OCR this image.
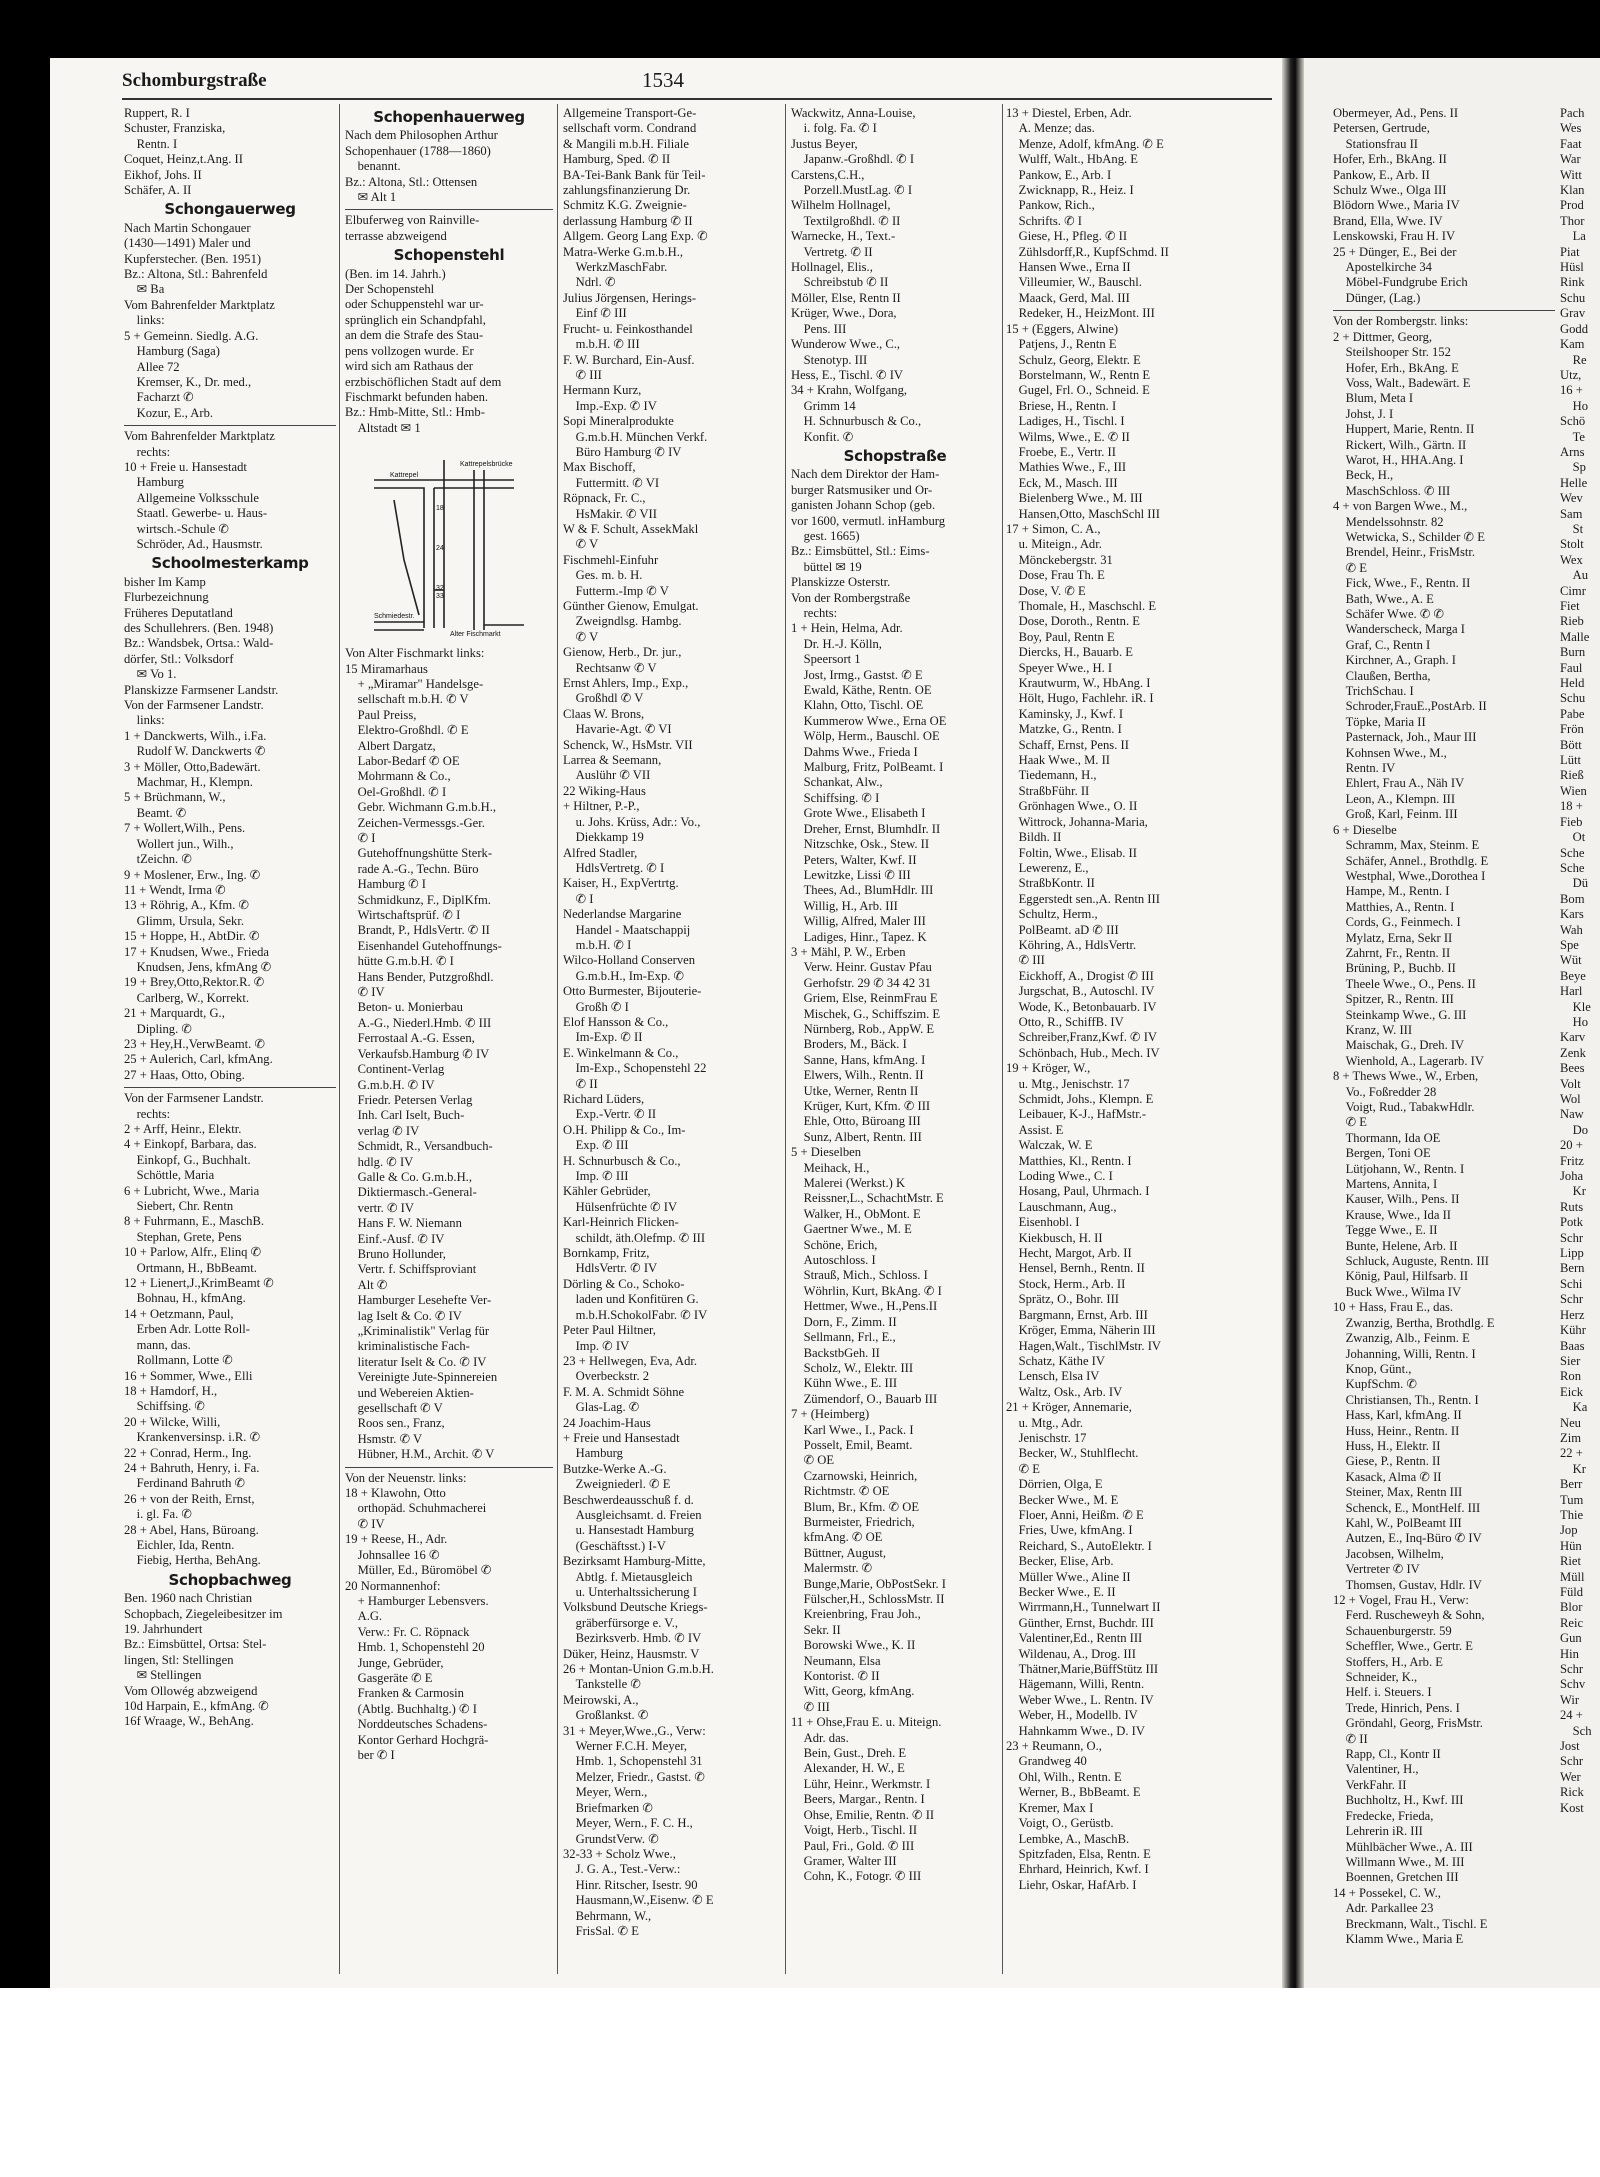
Schomburgstraße	1534
Ruppert, R. I
Schuster, Franziska,
 Rentn. I
Coquet, Heinz,t.Ang. II
Eikhof, Johs. II
Schäfer, A. II
Schongauerweg
Nach Martin Schongauer
(1430—1491) Maler und
Kupferstecher. (Ben. 1951)
Bz.: Altona, Stl.: Bahrenfeld
 ✉ Ba
Vom Bahrenfelder Marktplatz
 links:
5 + Gemeinn. Siedlg. A.G.
 Hamburg (Saga)
 Allee 72
 Kremser, K., Dr. med.,
 Facharzt ✆
 Kozur, E., Arb.
Vom Bahrenfelder Marktplatz
 rechts:
10 + Freie u. Hansestadt
 Hamburg
 Allgemeine Volksschule
 Staatl. Gewerbe- u. Haus-
 wirtsch.-Schule ✆
 Schröder, Ad., Hausmstr.
Schoolmesterkamp
bisher Im Kamp
Flurbezeichnung
Früheres Deputatland
des Schullehrers. (Ben. 1948)
Bz.: Wandsbek, Ortsa.: Wald-
dörfer, Stl.: Volksdorf
 ✉ Vo 1.
Planskizze Farmsener Landstr.
Von der Farmsener Landstr.
 links:
1 + Danckwerts, Wilh., i.Fa.
 Rudolf W. Danckwerts ✆
3 + Möller, Otto,Badewärt.
 Machmar, H., Klempn.
5 + Brüchmann, W.,
 Beamt. ✆
7 + Wollert,Wilh., Pens.
 Wollert jun., Wilh.,
 tZeichn. ✆
9 + Moslener, Erw., Ing. ✆
11 + Wendt, Irma ✆
13 + Röhrig, A., Kfm. ✆
 Glimm, Ursula, Sekr.
15 + Hoppe, H., AbtDir. ✆
17 + Knudsen, Wwe., Frieda
 Knudsen, Jens, kfmAng ✆
19 + Brey,Otto,Rektor.R. ✆
 Carlberg, W., Korrekt.
21 + Marquardt, G.,
 Dipling. ✆
23 + Hey,H.,VerwBeamt. ✆
25 + Aulerich, Carl, kfmAng.
27 + Haas, Otto, Obing.
Von der Farmsener Landstr.
 rechts:
2 + Arff, Heinr., Elektr.
4 + Einkopf, Barbara, das.
 Einkopf, G., Buchhalt.
 Schöttle, Maria
6 + Lubricht, Wwe., Maria
 Siebert, Chr. Rentn
8 + Fuhrmann, E., MaschB.
 Stephan, Grete, Pens
10 + Parlow, Alfr., Elinq ✆
 Ortmann, H., BbBeamt.
12 + Lienert,J.,KrimBeamt ✆
 Bohnau, H., kfmAng.
14 + Oetzmann, Paul,
 Erben Adr. Lotte Roll-
 mann, das.
 Rollmann, Lotte ✆
16 + Sommer, Wwe., Elli
18 + Hamdorf, H.,
 Schiffsing. ✆
20 + Wilcke, Willi,
 Krankenversinsp. i.R. ✆
22 + Conrad, Herm., Ing.
24 + Bahruth, Henry, i. Fa.
 Ferdinand Bahruth ✆
26 + von der Reith, Ernst,
 i. gl. Fa. ✆
28 + Abel, Hans, Büroang.
 Eichler, Ida, Rentn.
 Fiebig, Hertha, BehAng.
Schopbachweg
Ben. 1960 nach Christian
Schopbach, Ziegeleibesitzer im
19. Jahrhundert
Bz.: Eimsbüttel, Ortsa: Stel-
lingen, Stl: Stellingen
 ✉ Stellingen
Vom Ollowég abzweigend
10d Harpain, E., kfmAng. ✆
16f Wraage, W., BehAng.
Schopenhauerweg
Nach dem Philosophen Arthur
Schopenhauer (1788—1860)
 benannt.
Bz.: Altona, Stl.: Ottensen
 ✉ Alt 1
Elbuferweg von Rainville-
terrasse abzweigend
Schopenstehl
(Ben. im 14. Jahrh.)
Der Schopenstehl
oder Schuppenstehl war ur-
sprünglich ein Schandpfahl,
an dem die Strafe des Stau-
pens vollzogen wurde. Er
wird sich am Rathaus der
erzbischöflichen Stadt auf dem
Fischmarkt befunden haben.
Bz.: Hmb-Mitte, Stl.: Hmb-
 Altstadt ✉ 1
Kattrepel
Kattrepelsbrücke
18
24
32
33
Alter Fischmarkt
Schmiedestr.
Von Alter Fischmarkt links:
15 Miramarhaus
 + „Miramar" Handelsge-
 sellschaft m.b.H. ✆ V
 Paul Preiss,
 Elektro-Großhdl. ✆ E
 Albert Dargatz,
 Labor-Bedarf ✆ OE
 Mohrmann & Co.,
 Oel-Großhdl. ✆ I
 Gebr. Wichmann G.m.b.H.,
 Zeichen-Vermessgs.-Ger.
 ✆ I
 Gutehoffnungshütte Sterk-
 rade A.-G., Techn. Büro
 Hamburg ✆ I
 Schmidkunz, F., DiplKfm.
 Wirtschaftsprüf. ✆ I
 Brandt, P., HdlsVertr. ✆ II
 Eisenhandel Gutehoffnungs-
 hütte G.m.b.H. ✆ I
 Hans Bender, Putzgroßhdl.
 ✆ IV
 Beton- u. Monierbau
 A.-G., Niederl.Hmb. ✆ III
 Ferrostaal A.-G. Essen,
 Verkaufsb.Hamburg ✆ IV
 Continent-Verlag
 G.m.b.H. ✆ IV
 Friedr. Petersen Verlag
 Inh. Carl Iselt, Buch-
 verlag ✆ IV
 Schmidt, R., Versandbuch-
 hdlg. ✆ IV
 Galle & Co. G.m.b.H.,
 Diktiermasch.-General-
 vertr. ✆ IV
 Hans F. W. Niemann
 Einf.-Ausf. ✆ IV
 Bruno Hollunder,
 Vertr. f. Schiffsproviant
 Alt ✆
 Hamburger Lesehefte Ver-
 lag Iselt & Co. ✆ IV
 „Kriminalistik" Verlag für
 kriminalistische Fach-
 literatur Iselt & Co. ✆ IV
 Vereinigte Jute-Spinnereien
 und Webereien Aktien-
 gesellschaft ✆ V
 Roos sen., Franz,
 Hsmstr. ✆ V
 Hübner, H.M., Archit. ✆ V
Von der Neuenstr. links:
18 + Klawohn, Otto
 orthopäd. Schuhmacherei
 ✆ IV
19 + Reese, H., Adr.
 Johnsallee 16 ✆
 Müller, Ed., Büromöbel ✆
20 Normannenhof:
 + Hamburger Lebensvers.
 A.G.
 Verw.: Fr. C. Röpnack
 Hmb. 1, Schopenstehl 20
 Junge, Gebrüder,
 Gasgeräte ✆ E
 Franken & Carmosin
 (Abtlg. Buchhaltg.) ✆ I
 Norddeutsches Schadens-
 Kontor Gerhard Hochgrä-
 ber ✆ I
Allgemeine Transport-Ge-
sellschaft vorm. Condrand
& Mangili m.b.H. Filiale
Hamburg, Sped. ✆ II
BA-Tei-Bank Bank für Teil-
zahlungsfinanzierung Dr.
Schmitz K.G. Zweignie-
derlassung Hamburg ✆ II
Allgem. Georg Lang Exp. ✆
Matra-Werke G.m.b.H.,
 WerkzMaschFabr.
 Ndrl. ✆
Julius Jörgensen, Herings-
 Einf ✆ III
Frucht- u. Feinkosthandel
 m.b.H. ✆ III
F. W. Burchard, Ein-Ausf.
 ✆ III
Hermann Kurz,
 Imp.-Exp. ✆ IV
Sopi Mineralprodukte
 G.m.b.H. München Verkf.
 Büro Hamburg ✆ IV
Max Bischoff,
 Futtermitt. ✆ VI
Röpnack, Fr. C.,
 HsMakir. ✆ VII
W & F. Schult, AssekMakl
 ✆ V
Fischmehl-Einfuhr
 Ges. m. b. H.
 Futterm.-Imp ✆ V
Günther Gienow, Emulgat.
 Zweigndlsg. Hambg.
 ✆ V
Gienow, Herb., Dr. jur.,
 Rechtsanw ✆ V
Ernst Ahlers, Imp., Exp.,
 Großhdl ✆ V
Claas W. Brons,
 Havarie-Agt. ✆ VI
Schenck, W., HsMstr. VII
Larrea & Seemann,
 Auslühr ✆ VII
22 Wiking-Haus
+ Hiltner, P.-P.,
 u. Johs. Krüss, Adr.: Vo.,
 Diekkamp 19
Alfred Stadler,
 HdlsVertretg. ✆ I
Kaiser, H., ExpVertrtg.
 ✆ I
Nederlandse Margarine
 Handel - Maatschappij
 m.b.H. ✆ I
Wilco-Holland Conserven
 G.m.b.H., Im-Exp. ✆
Otto Burmester, Bijouterie-
 Großh ✆ I
Elof Hansson & Co.,
 Im-Exp. ✆ II
E. Winkelmann & Co.,
 Im-Exp., Schopenstehl 22
 ✆ II
Richard Lüders,
 Exp.-Vertr. ✆ II
O.H. Philipp & Co., Im-
 Exp. ✆ III
H. Schnurbusch & Co.,
 Imp. ✆ III
Kähler Gebrüder,
 Hülsenfrüchte ✆ IV
Karl-Heinrich Flicken-
 schildt, äth.Olefmp. ✆ III
Bornkamp, Fritz,
 HdlsVertr. ✆ IV
Dörling & Co., Schoko-
 laden und Konfitüren G.
 m.b.H.SchokolFabr. ✆ IV
Peter Paul Hiltner,
 Imp. ✆ IV
23 + Hellwegen, Eva, Adr.
 Overbeckstr. 2
F. M. A. Schmidt Söhne
 Glas-Lag. ✆
24 Joachim-Haus
+ Freie und Hansestadt
 Hamburg
Butzke-Werke A.-G.
 Zweigniederl. ✆ E
Beschwerdeausschuß f. d.
 Ausgleichsamt. d. Freien
 u. Hansestadt Hamburg
 (Geschäftsst.) I-V
Bezirksamt Hamburg-Mitte,
 Abtlg. f. Mietausgleich
 u. Unterhaltssicherung I
Volksbund Deutsche Kriegs-
 gräberfürsorge e. V.,
 Bezirksverb. Hmb. ✆ IV
Düker, Heinz, Hausmstr. V
26 + Montan-Union G.m.b.H.
 Tankstelle ✆
Meirowski, A.,
 Großlankst. ✆
31 + Meyer,Wwe.,G., Verw:
 Werner F.C.H. Meyer,
 Hmb. 1, Schopenstehl 31
 Melzer, Friedr., Gastst. ✆
 Meyer, Wern.,
 Briefmarken ✆
 Meyer, Wern., F. C. H.,
 GrundstVerw. ✆
32-33 + Scholz Wwe.,
 J. G. A., Test.-Verw.:
 Hinr. Ritscher, Isestr. 90
 Hausmann,W.,Eisenw. ✆ E
 Behrmann, W.,
 FrisSal. ✆ E
Wackwitz, Anna-Louise,
 i. folg. Fa. ✆ I
Justus Beyer,
 Japanw.-Großhdl. ✆ I
Carstens,C.H.,
 Porzell.MustLag. ✆ I
Wilhelm Hollnagel,
 Textilgroßhdl. ✆ II
Warnecke, H., Text.-
 Vertretg. ✆ II
Hollnagel, Elis.,
 Schreibstub ✆ II
Möller, Else, Rentn II
Krüger, Wwe., Dora,
 Pens. III
Wunderow Wwe., C.,
 Stenotyp. III
Hess, E., Tischl. ✆ IV
34 + Krahn, Wolfgang,
 Grimm 14
 H. Schnurbusch & Co.,
 Konfit. ✆
Schopstraße
Nach dem Direktor der Ham-
burger Ratsmusiker und Or-
ganisten Johann Schop (geb.
vor 1600, vermutl. inHamburg
 gest. 1665)
Bz.: Eimsbüttel, Stl.: Eims-
 büttel ✉ 19
Planskizze Osterstr.
Von der Rombergstraße
 rechts:
1 + Hein, Helma, Adr.
 Dr. H.-J. Kölln,
 Speersort 1
 Jost, Irmg., Gastst. ✆ E
 Ewald, Käthe, Rentn. OE
 Klahn, Otto, Tischl. OE
 Kummerow Wwe., Erna OE
 Wölp, Herm., Bauschl. OE
 Dahms Wwe., Frieda I
 Malburg, Fritz, PolBeamt. I
 Schankat, Alw.,
 Schiffsing. ✆ I
 Grote Wwe., Elisabeth I
 Dreher, Ernst, BlumhdIr. II
 Nitzschke, Osk., Stew. II
 Peters, Walter, Kwf. II
 Lewitzke, Lissi ✆ III
 Thees, Ad., BlumHdlr. III
 Willig, H., Arb. III
 Willig, Alfred, Maler III
 Ladiges, Hinr., Tapez. K
3 + Mähl, P. W., Erben
 Verw. Heinr. Gustav Pfau
 Gerhofstr. 29 ✆ 34 42 31
 Griem, Else, ReinmFrau E
 Mischek, G., Schiffszim. E
 Nürnberg, Rob., AppW. E
 Broders, M., Bäck. I
 Sanne, Hans, kfmAng. I
 Elwers, Wilh., Rentn. II
 Utke, Werner, Rentn II
 Krüger, Kurt, Kfm. ✆ III
 Ehle, Otto, Büroang III
 Sunz, Albert, Rentn. III
5 + Dieselben
 Meihack, H.,
 Malerei (Werkst.) K
 Reissner,L., SchachtMstr. E
 Walker, H., ObMont. E
 Gaertner Wwe., M. E
 Schöne, Erich,
 Autoschloss. I
 Strauß, Mich., Schloss. I
 Wöhrlin, Kurt, BkAng. ✆ I
 Hettmer, Wwe., H.,Pens.II
 Dorn, F., Zimm. II
 Sellmann, Frl., E.,
 BackstbGeh. II
 Scholz, W., Elektr. III
 Kühn Wwe., E. III
 Zümendorf, O., Bauarb III
7 + (Heimberg)
 Karl Wwe., I., Pack. I
 Posselt, Emil, Beamt.
 ✆ OE
 Czarnowski, Heinrich,
 Richtmstr. ✆ OE
 Blum, Br., Kfm. ✆ OE
 Burmeister, Friedrich,
 kfmAng. ✆ OE
 Büttner, August,
 Malermstr. ✆
 Bunge,Marie, ObPostSekr. I
 Fülscher,H., SchlossMstr. II
 Kreienbring, Frau Joh.,
 Sekr. II
 Borowski Wwe., K. II
 Neumann, Elsa
 Kontorist. ✆ II
 Witt, Georg, kfmAng.
 ✆ III
11 + Ohse,Frau E. u. Miteign.
 Adr. das.
 Bein, Gust., Dreh. E
 Alexander, H. W., E
 Lühr, Heinr., Werkmstr. I
 Beers, Margar., Rentn. I
 Ohse, Emilie, Rentn. ✆ II
 Voigt, Herb., Tischl. II
 Paul, Fri., Gold. ✆ III
 Gramer, Walter III
 Cohn, K., Fotogr. ✆ III
13 + Diestel, Erben, Adr.
 A. Menze; das.
 Menze, Adolf, kfmAng. ✆ E
 Wulff, Walt., HbAng. E
 Pankow, E., Arb. I
 Zwicknapp, R., Heiz. I
 Pankow, Rich.,
 Schrifts. ✆ I
 Giese, H., Pfleg. ✆ II
 Zühlsdorff,R., KupfSchmd. II
 Hansen Wwe., Erna II
 Villeumier, W., Bauschl.
 Maack, Gerd, Mal. III
 Redeker, H., HeizMont. III
15 + (Eggers, Alwine)
 Patjens, J., Rentn E
 Schulz, Georg, Elektr. E
 Borstelmann, W., Rentn E
 Gugel, Frl. O., Schneid. E
 Briese, H., Rentn. I
 Ladiges, H., Tischl. I
 Wilms, Wwe., E. ✆ II
 Froebe, E., Vertr. II
 Mathies Wwe., F., III
 Eck, M., Masch. III
 Bielenberg Wwe., M. III
 Hansen,Otto, MaschSchl III
17 + Simon, C. A.,
 u. Miteign., Adr.
 Mönckebergstr. 31
 Dose, Frau Th. E
 Dose, V. ✆ E
 Thomale, H., Maschschl. E
 Dose, Doroth., Rentn. E
 Boy, Paul, Rentn E
 Diercks, H., Bauarb. E
 Speyer Wwe., H. I
 Krautwurm, W., HbAng. I
 Hölt, Hugo, Fachlehr. iR. I
 Kaminsky, J., Kwf. I
 Matzke, G., Rentn. I
 Schaff, Ernst, Pens. II
 Haak Wwe., M. II
 Tiedemann, H.,
 StraßbFühr. II
 Grönhagen Wwe., O. II
 Wittrock, Johanna-Maria,
 Bildh. II
 Foltin, Wwe., Elisab. II
 Lewerenz, E.,
 StraßbKontr. II
 Eggerstedt sen.,A. Rentn III
 Schultz, Herm.,
 PolBeamt. aD ✆ III
 Köhring, A., HdlsVertr.
 ✆ III
 Eickhoff, A., Drogist ✆ III
 Jurgschat, B., Autoschl. IV
 Wode, K., Betonbauarb. IV
 Otto, R., SchiffB. IV
 Schreiber,Franz,Kwf. ✆ IV
 Schönbach, Hub., Mech. IV
19 + Kröger, W.,
 u. Mtg., Jenischstr. 17
 Schmidt, Johs., Klempn. E
 Leibauer, K-J., HafMstr.-
 Assist. E
 Walczak, W. E
 Matthies, Kl., Rentn. I
 Loding Wwe., C. I
 Hosang, Paul, Uhrmach. I
 Lauschmann, Aug.,
 Eisenhobl. I
 Kiekbusch, H. II
 Hecht, Margot, Arb. II
 Hensel, Bernh., Rentn. II
 Stock, Herm., Arb. II
 Sprätz, O., Bohr. III
 Bargmann, Ernst, Arb. III
 Kröger, Emma, Näherin III
 Hagen,Walt., TischlMstr. IV
 Schatz, Käthe IV
 Lensch, Elsa IV
 Waltz, Osk., Arb. IV
21 + Kröger, Annemarie,
 u. Mtg., Adr.
 Jenischstr. 17
 Becker, W., Stuhlflecht.
 ✆ E
 Dörrien, Olga, E
 Becker Wwe., M. E
 Floer, Anni, Heißm. ✆ E
 Fries, Uwe, kfmAng. I
 Reichard, S., AutoElektr. I
 Becker, Elise, Arb.
 Müller Wwe., Aline II
 Becker Wwe., E. II
 Wirrmann,H., Tunnelwart II
 Günther, Ernst, Buchdr. III
 Valentiner,Ed., Rentn III
 Wildenau, A., Drog. III
 Thätner,Marie,BüffStütz III
 Hägemann, Willi, Rentn.
 Weber Wwe., L. Rentn. IV
 Weber, H., Modellb. IV
 Hahnkamm Wwe., D. IV
23 + Reumann, O.,
 Grandweg 40
 Ohl, Wilh., Rentn. E
 Werner, B., BbBeamt. E
 Kremer, Max I
 Voigt, O., Gerüstb.
 Lembke, A., MaschB.
 Spitzfaden, Elsa, Rentn. E
 Ehrhard, Heinrich, Kwf. I
 Liehr, Oskar, HafArb. I
Obermeyer, Ad., Pens. II
Petersen, Gertrude,
 Stationsfrau II
Hofer, Erh., BkAng. II
Pankow, E., Arb. II
Schulz Wwe., Olga III
Blödorn Wwe., Maria IV
Brand, Ella, Wwe. IV
Lenskowski, Frau H. IV
25 + Dünger, E., Bei der
 Apostelkirche 34
 Möbel-Fundgrube Erich
 Dünger, (Lag.)
Von der Rombergstr. links:
2 + Dittmer, Georg,
 Steilshooper Str. 152
 Hofer, Erh., BkAng. E
 Voss, Walt., Badewärt. E
 Blum, Meta I
 Johst, J. I
 Huppert, Marie, Rentn. II
 Rickert, Wilh., Gärtn. II
 Warot, H., HHA.Ang. I
 Beck, H.,
 MaschSchloss. ✆ III
4 + von Bargen Wwe., M.,
 Mendelssohnstr. 82
 Wetwicka, S., Schilder ✆ E
 Brendel, Heinr., FrisMstr.
 ✆ E
 Fick, Wwe., F., Rentn. II
 Bath, Wwe., A. E
 Schäfer Wwe. ✆ ✆
 Wanderscheck, Marga I
 Graf, C., Rentn I
 Kirchner, A., Graph. I
 Claußen, Bertha,
 TrichSchau. I
 Schroder,FrauE.,PostArb. II
 Töpke, Maria II
 Pasternack, Joh., Maur III
 Kohnsen Wwe., M.,
 Rentn. IV
 Ehlert, Frau A., Näh IV
 Leon, A., Klempn. III
 Groß, Karl, Feinm. III
6 + Dieselbe
 Schramm, Max, Steinm. E
 Schäfer, Annel., Brothdlg. E
 Westphal, Wwe.,Dorothea I
 Hampe, M., Rentn. I
 Matthies, A., Rentn. I
 Cords, G., Feinmech. I
 Mylatz, Erna, Sekr II
 Zahrnt, Fr., Rentn. II
 Brüning, P., Buchb. II
 Theele Wwe., O., Pens. II
 Spitzer, R., Rentn. III
 Steinkamp Wwe., G. III
 Kranz, W. III
 Maischak, G., Dreh. IV
 Wienhold, A., Lagerarb. IV
8 + Thews Wwe., W., Erben,
 Vo., Foßredder 28
 Voigt, Rud., TabakwHdlr.
 ✆ E
 Thormann, Ida OE
 Bergen, Toni OE
 Lütjohann, W., Rentn. I
 Martens, Annita, I
 Kauser, Wilh., Pens. II
 Krause, Wwe., Ida II
 Tegge Wwe., E. II
 Bunte, Helene, Arb. II
 Schluck, Auguste, Rentn. III
 König, Paul, Hilfsarb. II
 Buck Wwe., Wilma IV
10 + Hass, Frau E., das.
 Zwanzig, Bertha, Brothdlg. E
 Zwanzig, Alb., Feinm. E
 Johanning, Willi, Rentn. I
 Knop, Günt.,
 KupfSchm. ✆
 Christiansen, Th., Rentn. I
 Hass, Karl, kfmAng. II
 Huss, Heinr., Rentn. II
 Huss, H., Elektr. II
 Giese, P., Rentn. II
 Kasack, Alma ✆ II
 Steiner, Max, Rentn III
 Schenck, E., MontHelf. III
 Kahl, W., PolBeamt III
 Autzen, E., Inq-Büro ✆ IV
 Jacobsen, Wilhelm,
 Vertreter ✆ IV
 Thomsen, Gustav, Hdlr. IV
12 + Vogel, Frau H., Verw:
 Ferd. Ruscheweyh & Sohn,
 Schauenburgerstr. 59
 Scheffler, Wwe., Gertr. E
 Stoffers, H., Arb. E
 Schneider, K.,
 Helf. i. Steuers. I
 Trede, Hinrich, Pens. I
 Gröndahl, Georg, FrisMstr.
 ✆ II
 Rapp, Cl., Kontr II
 Valentiner, H.,
 VerkFahr. II
 Buchholtz, H., Kwf. III
 Fredecke, Frieda,
 Lehrerin iR. III
 Mühlbächer Wwe., A. III
 Willmann Wwe., M. III
 Boennen, Gretchen III
14 + Possekel, C. W.,
 Adr. Parkallee 23
 Breckmann, Walt., Tischl. E
 Klamm Wwe., Maria E
Pach
Wes
Faat
War
Witt
Klan
Prod
Thor
 La
Piat
Hüsl
Rink
Schu
Grav
Godd
Kam
 Re
Utz,
16 +
 Ho
Schö
 Te
Arns
 Sp
Helle
Wev
Sam
 St
Stolt
Wex
 Au
Cimr
Fiet
Rieb
Malle
Burn
Faul
Held
Schu
Pabe
Frön
Bött
Lütt
Rieß
Wien
18 +
Fieb
 Ot
Sche
Sche
 Dü
Bom
Kars
Wah
Spe
Wüt
Beye
Harl
 Kle
 Ho
Karv
Zenk
Bees
Volt
Wol
Naw
 Do
20 +
Fritz
Joha
 Kr
Ruts
Potk
Schr
Lipp
Bern
Schi
Schr
Herz
Kühr
Baas
Sier
Ron
Eick
 Ka
Neu
Zim
22 +
 Kr
Berr
Tum
Thie
Jop
Hün
Riet
Müll
Füld
Blor
Reic
Gun
Hin
Schr
Schv
Wir
24 +
 Sch
Jost
Schr
Wer
Rick
Kost
